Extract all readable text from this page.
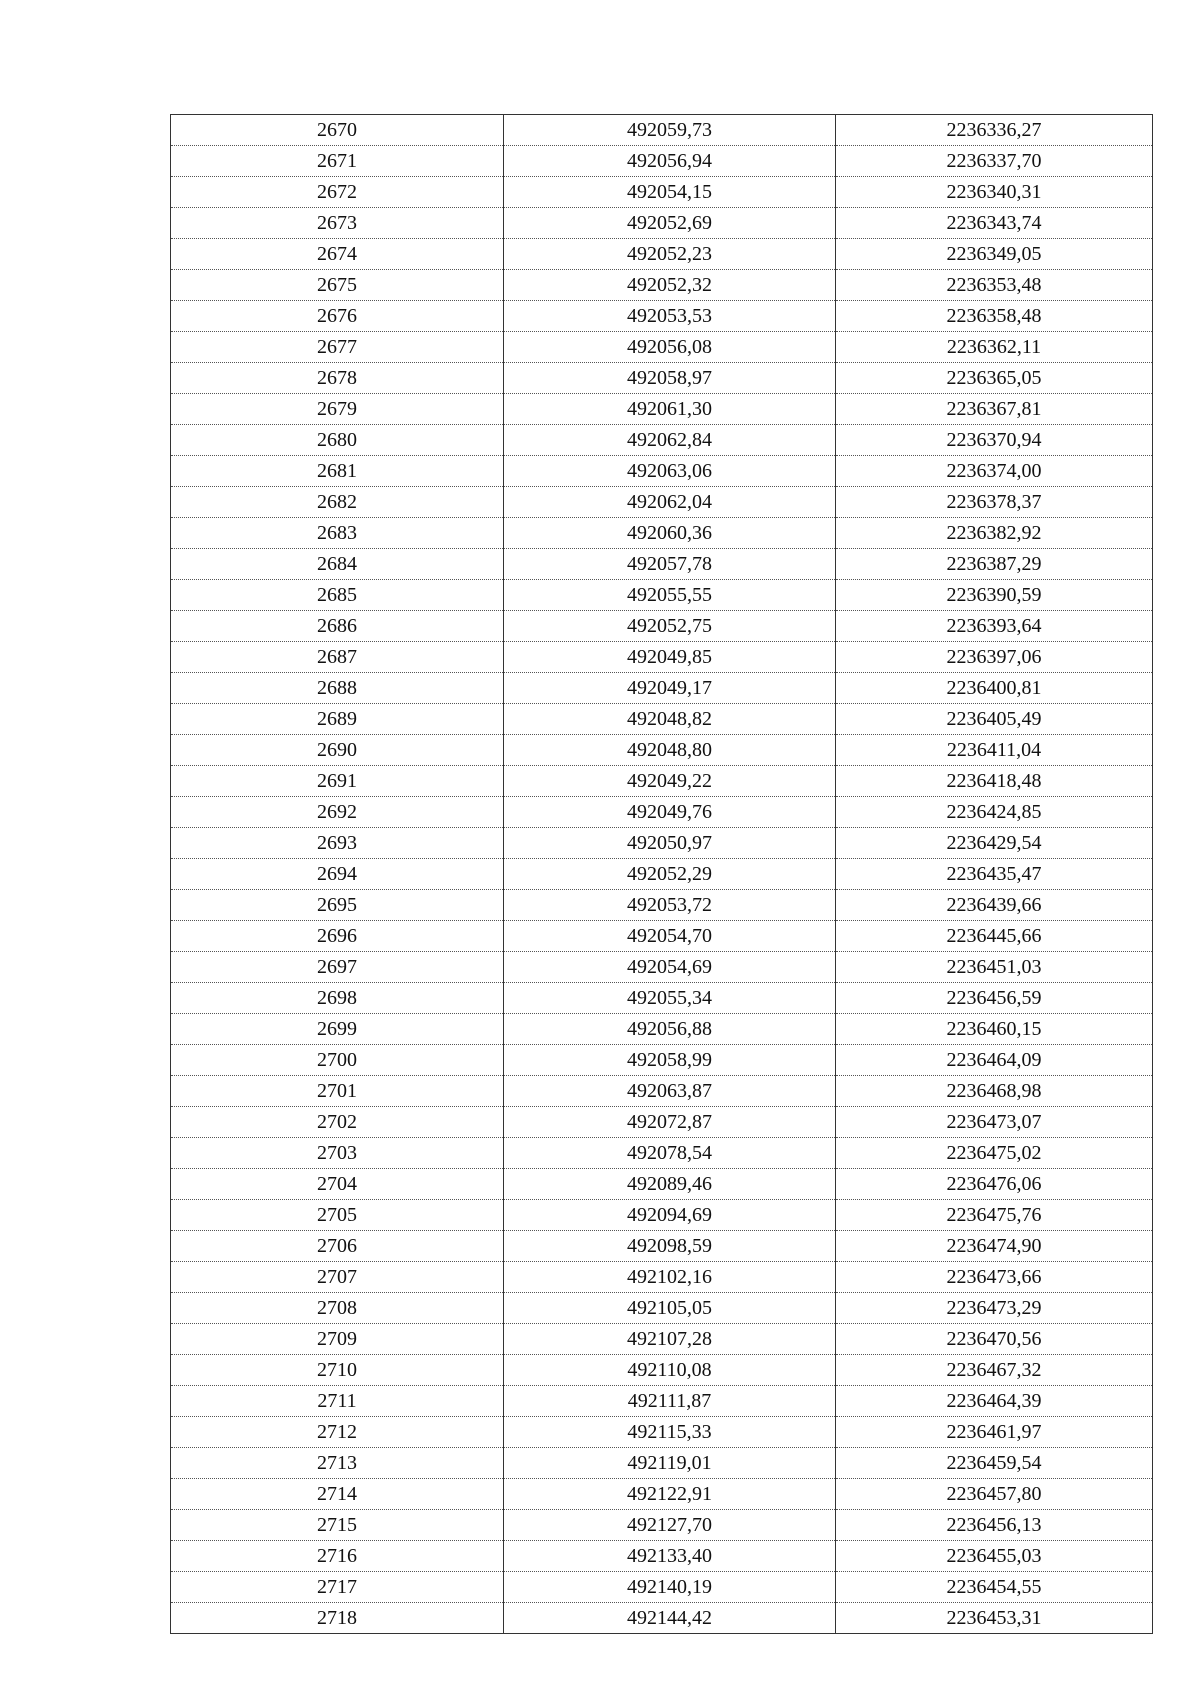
2670	492059,73	2236336,27
2671	492056,94	2236337,70
2672	492054,15	2236340,31
2673	492052,69	2236343,74
2674	492052,23	2236349,05
2675	492052,32	2236353,48
2676	492053,53	2236358,48
2677	492056,08	2236362,11
2678	492058,97	2236365,05
2679	492061,30	2236367,81
2680	492062,84	2236370,94
2681	492063,06	2236374,00
2682	492062,04	2236378,37
2683	492060,36	2236382,92
2684	492057,78	2236387,29
2685	492055,55	2236390,59
2686	492052,75	2236393,64
2687	492049,85	2236397,06
2688	492049,17	2236400,81
2689	492048,82	2236405,49
2690	492048,80	2236411,04
2691	492049,22	2236418,48
2692	492049,76	2236424,85
2693	492050,97	2236429,54
2694	492052,29	2236435,47
2695	492053,72	2236439,66
2696	492054,70	2236445,66
2697	492054,69	2236451,03
2698	492055,34	2236456,59
2699	492056,88	2236460,15
2700	492058,99	2236464,09
2701	492063,87	2236468,98
2702	492072,87	2236473,07
2703	492078,54	2236475,02
2704	492089,46	2236476,06
2705	492094,69	2236475,76
2706	492098,59	2236474,90
2707	492102,16	2236473,66
2708	492105,05	2236473,29
2709	492107,28	2236470,56
2710	492110,08	2236467,32
2711	492111,87	2236464,39
2712	492115,33	2236461,97
2713	492119,01	2236459,54
2714	492122,91	2236457,80
2715	492127,70	2236456,13
2716	492133,40	2236455,03
2717	492140,19	2236454,55
2718	492144,42	2236453,31
